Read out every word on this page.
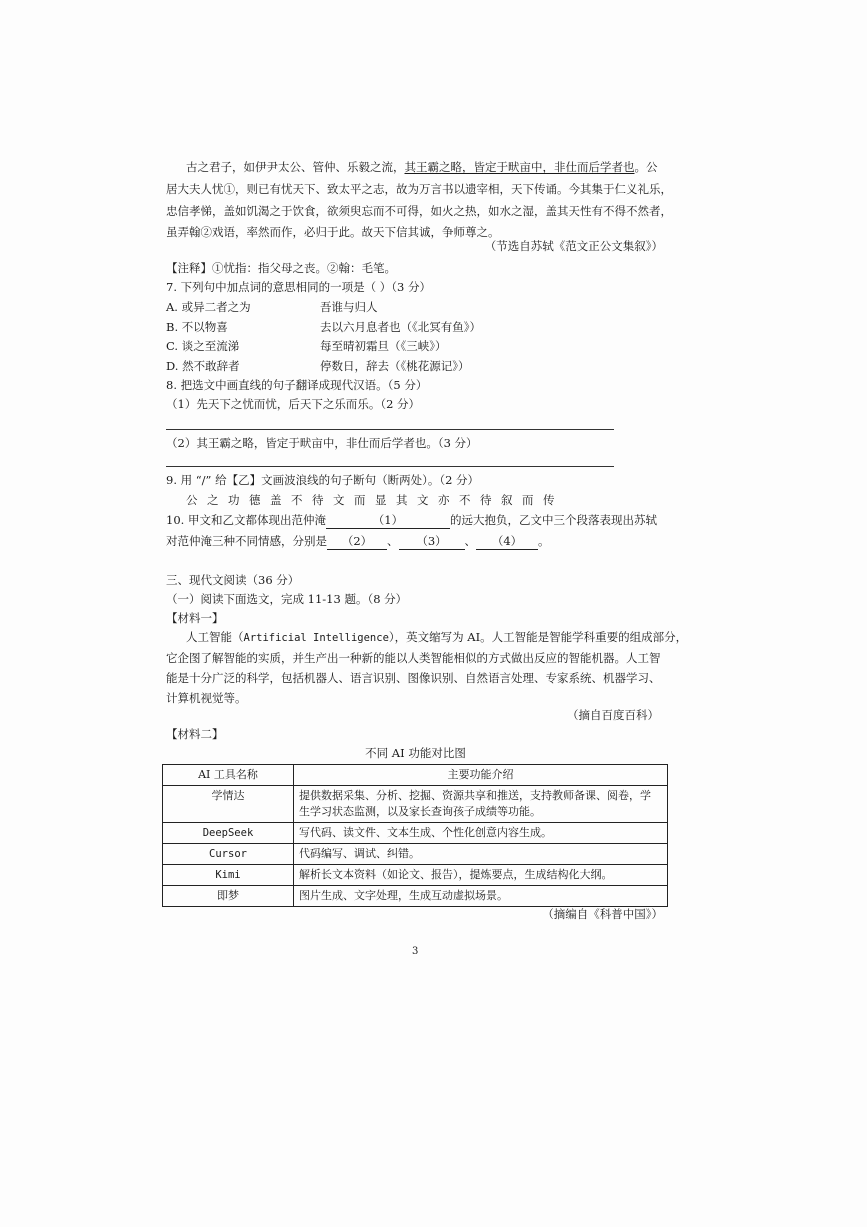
古之君子，如伊尹太公、管仲、乐毅之流，其王霸之略，皆定于畎亩中，非仕而后学者也。公
居大夫人忧①，则已有忧天下、致太平之志，故为万言书以遗宰相，天下传诵。今其集于仁义礼乐，
忠信孝悌，盖如饥渴之于饮食，欲须臾忘而不可得，如火之热，如水之湿，盖其天性有不得不然者，
虽弄翰②戏语，率然而作，必归于此。故天下信其诚，争师尊之。
（节选自苏轼《范文正公文集叙》）
【注释】①忧指：指父母之丧。②翰：毛笔。
7. 下列句中加点词的意思相同的一项是（ ）（3 分）
A. 或异二者之为	吾谁与归人
B. 不以物喜	去以六月息者也（《北冥有鱼》）
C. 谈之至流涕	每至晴初霜旦（《三峡》）
D. 然不敢辞者	停数日，辞去（《桃花源记》）
8. 把选文中画直线的句子翻译成现代汉语。（5 分）
（1）先天下之忧而忧，后天下之乐而乐。（2 分）
（2）其王霸之略，皆定于畎亩中，非仕而后学者也。（3 分）
9. 用 “/” 给【乙】文画波浪线的句子断句（断两处）。（2 分）
公之功德盖不待文而显其文亦不待叙而传
10. 甲文和乙文都体现出范仲淹	（1）	的远大抱负，乙文中三个段落表现出苏轼
对范仲淹三种不同情感，分别是 （2） 、 （3） 、 （4） 。
三、现代文阅读（36 分）
（一）阅读下面选文，完成 11-13 题。（8 分）
【材料一】
人工智能（Artificial Intelligence），英文缩写为 AI。人工智能是智能学科重要的组成部分，
它企图了解智能的实质，并生产出一种新的能以人类智能相似的方式做出反应的智能机器。人工智
能是十分广泛的科学，包括机器人、语言识别、图像识别、自然语言处理、专家系统、机器学习、
计算机视觉等。
（摘自百度百科）
【材料二】
不同 AI 功能对比图
AI 工具名称	主要功能介绍
学情达	提供数据采集、分析、挖掘、资源共享和推送，支持教师备课、阅卷，学
生学习状态监测，以及家长查询孩子成绩等功能。

DeepSeek	写代码、读文件、文本生成、个性化创意内容生成。
Cursor	代码编写、调试、纠错。
Kimi	解析长文本资料（如论文、报告），提炼要点，生成结构化大纲。
即梦	图片生成、文字处理，生成互动虚拟场景。
（摘编自《科普中国》）
3
